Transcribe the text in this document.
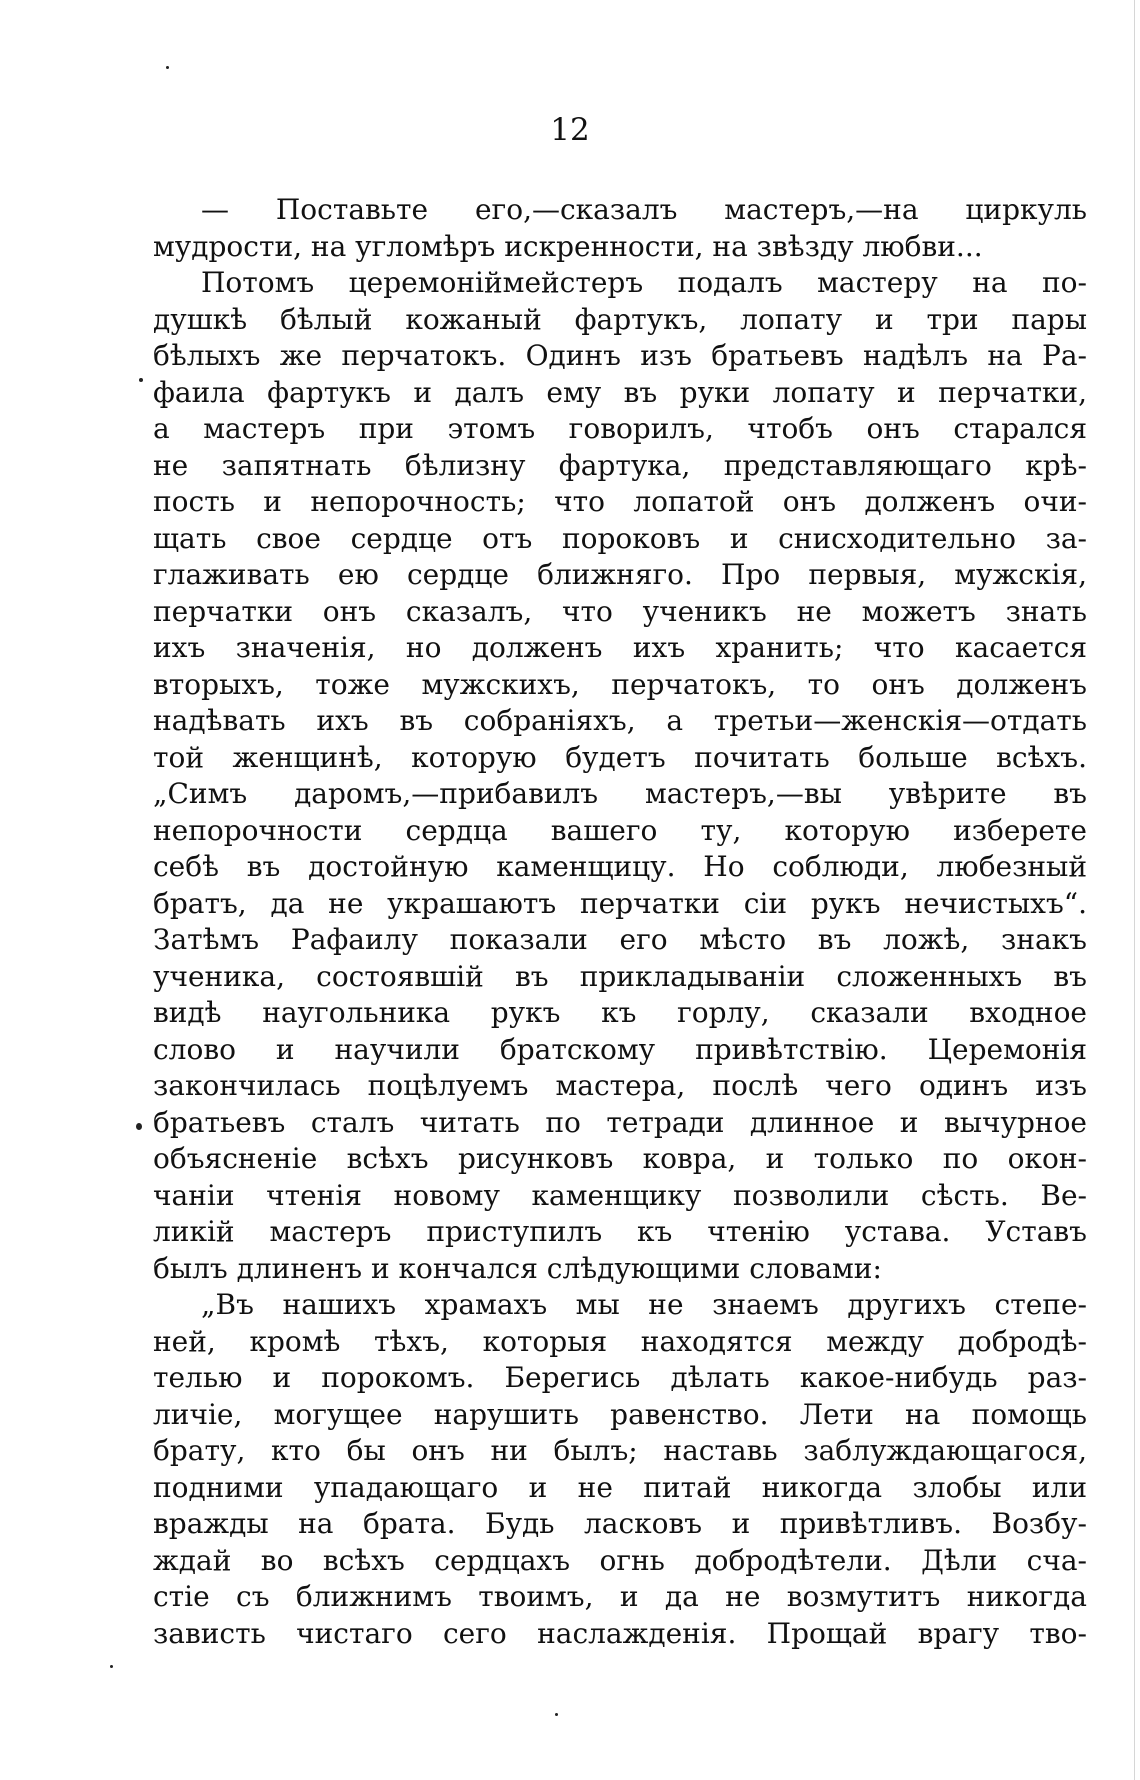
12
— Поставьте его,—сказалъ мастеръ,—на циркуль
мудрости, на угломѣръ искренности, на звѣзду любви...
Потомъ церемонiймейстеръ подалъ мастеру на по-
душкѣ бѣлый кожаный фартукъ, лопату и три пары
бѣлыхъ же перчатокъ. Одинъ изъ братьевъ надѣлъ на Ра-
фаила фартукъ и далъ ему въ руки лопату и перчатки,
а мастеръ при этомъ говорилъ, чтобъ онъ старался
не запятнать бѣлизну фартука, представляющаго крѣ-
пость и непорочность; что лопатой онъ долженъ очи-
щать свое сердце отъ пороковъ и снисходительно за-
глаживать ею сердце ближняго. Про первыя, мужскiя,
перчатки онъ сказалъ, что ученикъ не можетъ знать
ихъ значенiя, но долженъ ихъ хранить; что касается
вторыхъ, тоже мужскихъ, перчатокъ, то онъ долженъ
надѣвать ихъ въ собранiяхъ, а третьи—женскiя—отдать
той женщинѣ, которую будетъ почитать больше всѣхъ.
„Симъ даромъ,—прибавилъ мастеръ,—вы увѣрите въ
непорочности сердца вашего ту, которую изберете
себѣ въ достойную каменщицу. Но соблюди, любезный
братъ, да не украшаютъ перчатки сiи рукъ нечистыхъ“.
Затѣмъ Рафаилу показали его мѣсто въ ложѣ, знакъ
ученика, состоявшiй въ прикладыванiи сложенныхъ въ
видѣ наугольника рукъ къ горлу, сказали входное
слово и научили братскому привѣтствiю. Церемонiя
закончилась поцѣлуемъ мастера, послѣ чего одинъ изъ
братьевъ сталъ читать по тетради длинное и вычурное
объясненiе всѣхъ рисунковъ ковра, и только по окон-
чанiи чтенiя новому каменщику позволили сѣсть. Ве-
ликiй мастеръ приступилъ къ чтенiю устава. Уставъ
былъ длиненъ и кончался слѣдующими словами:
„Въ нашихъ храмахъ мы не знаемъ другихъ степе-
ней, кромѣ тѣхъ, которыя находятся между добродѣ-
телью и порокомъ. Берегись дѣлать какое-нибудь раз-
личiе, могущее нарушить равенство. Лети на помощь
брату, кто бы онъ ни былъ; наставь заблуждающагося,
подними упадающаго и не питай никогда злобы или
вражды на брата. Будь ласковъ и привѣтливъ. Возбу-
ждай во всѣхъ сердцахъ огнь добродѣтели. Дѣли сча-
стiе съ ближнимъ твоимъ, и да не возмутитъ никогда
зависть чистаго сего наслажденiя. Прощай врагу тво-
